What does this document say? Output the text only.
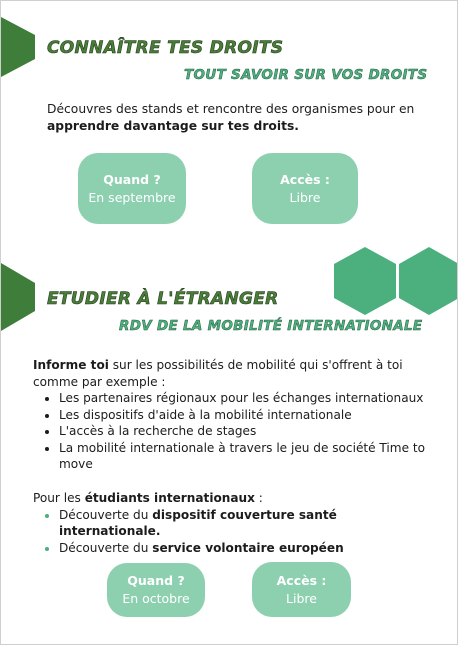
CONNAÎTRE TES DROITS
TOUT SAVOIR SUR VOS DROITS
Découvres des stands et rencontre des organismes pour en apprendre davantage sur tes droits.
Quand ?
En septembre
Accès :
Libre
ETUDIER À L'ÉTRANGER
RDV DE LA MOBILITÉ INTERNATIONALE
Informe toi sur les possibilités de mobilité qui s'offrent à toi comme par exemple :
• Les partenaires régionaux pour les échanges internationaux
• Les dispositifs d'aide à la mobilité internationale
• L'accès à la recherche de stages
• La mobilité internationale à travers le jeu de société Time to move
Pour les étudiants internationaux :
• Découverte du dispositif couverture santé internationale.
• Découverte du service volontaire européen
Quand ?
En octobre
Accès :
Libre
